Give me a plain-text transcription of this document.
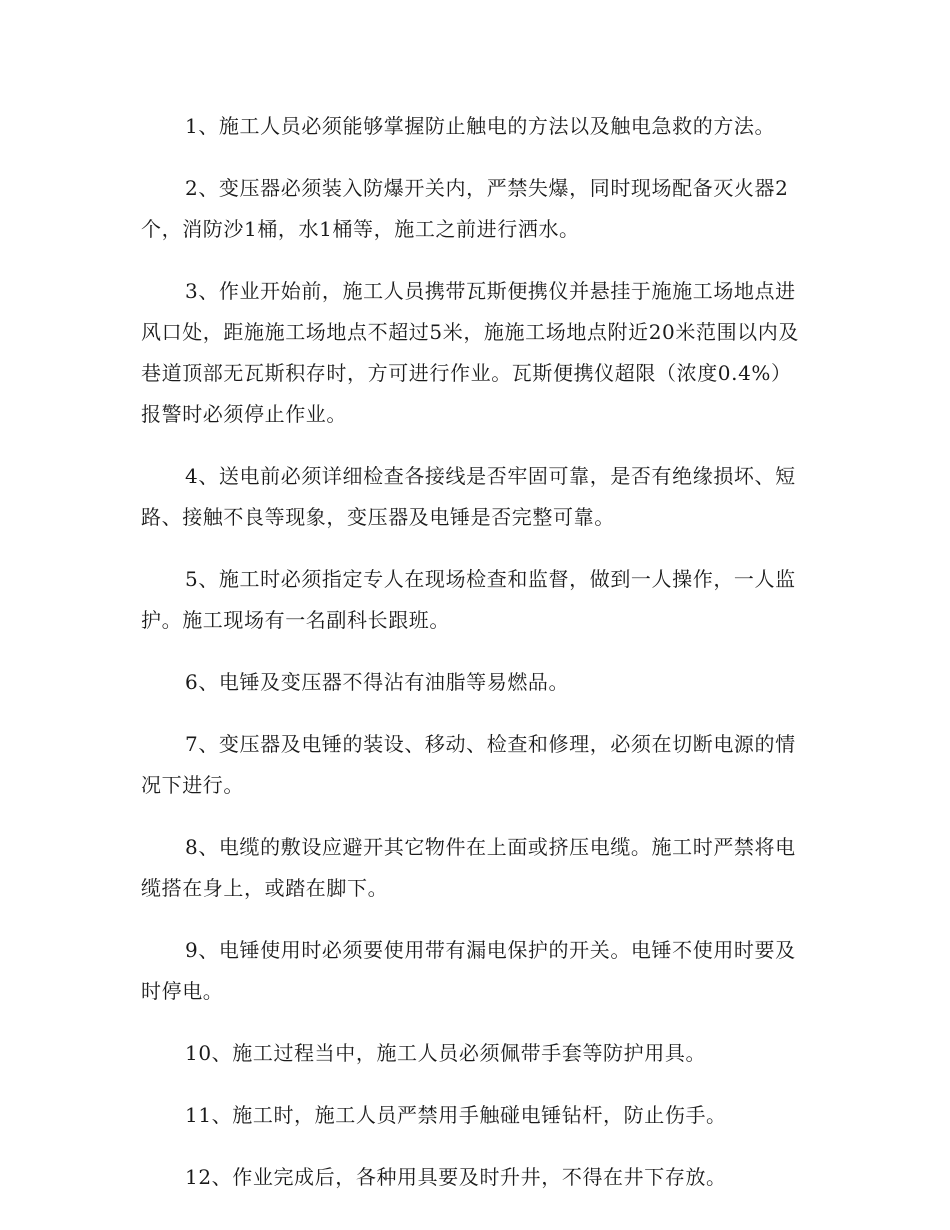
1、施工人员必须能够掌握防止触电的方法以及触电急救的方法。

2、变压器必须装入防爆开关内，严禁失爆，同时现场配备灭火器2个，消防沙1桶，水1桶等，施工之前进行洒水。

3、作业开始前，施工人员携带瓦斯便携仪并悬挂于施施工场地点进风口处，距施施工场地点不超过5米，施施工场地点附近20米范围以内及巷道顶部无瓦斯积存时，方可进行作业。瓦斯便携仪超限（浓度0.4%）报警时必须停止作业。

4、送电前必须详细检查各接线是否牢固可靠，是否有绝缘损坏、短路、接触不良等现象，变压器及电锤是否完整可靠。

5、施工时必须指定专人在现场检查和监督，做到一人操作，一人监护。施工现场有一名副科长跟班。

6、电锤及变压器不得沾有油脂等易燃品。

7、变压器及电锤的装设、移动、检查和修理，必须在切断电源的情况下进行。

8、电缆的敷设应避开其它物件在上面或挤压电缆。施工时严禁将电缆搭在身上，或踏在脚下。

9、电锤使用时必须要使用带有漏电保护的开关。电锤不使用时要及时停电。

10、施工过程当中，施工人员必须佩带手套等防护用具。

11、施工时，施工人员严禁用手触碰电锤钻杆，防止伤手。

12、作业完成后，各种用具要及时升井，不得在井下存放。
